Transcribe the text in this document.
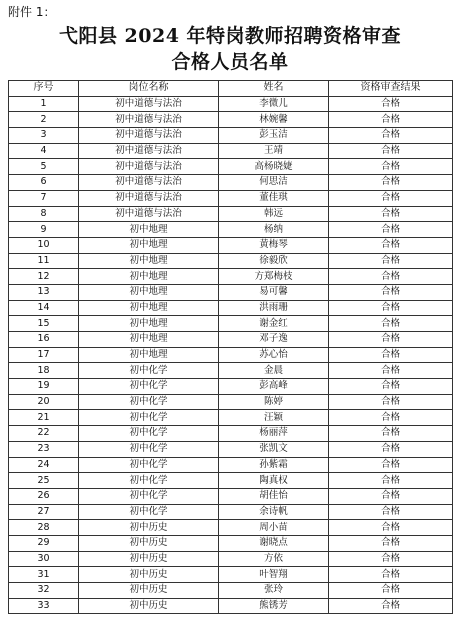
附件 1：
弋阳县 2024 年特岗教师招聘资格审查
合格人员名单
序号	岗位名称	姓名	资格审查结果
1	初中道德与法治	李微儿	合格
2	初中道德与法治	林婉馨	合格
3	初中道德与法治	彭玉洁	合格
4	初中道德与法治	王靖	合格
5	初中道德与法治	高杨晓婕	合格
6	初中道德与法治	何思洁	合格
7	初中道德与法治	董佳琪	合格
8	初中道德与法治	韩远	合格
9	初中地理	杨纳	合格
10	初中地理	黄梅琴	合格
11	初中地理	徐毅欣	合格
12	初中地理	方郑梅枝	合格
13	初中地理	易可馨	合格
14	初中地理	洪雨珊	合格
15	初中地理	谢金红	合格
16	初中地理	邓子逸	合格
17	初中地理	苏心怡	合格
18	初中化学	金晨	合格
19	初中化学	彭高峰	合格
20	初中化学	陈婷	合格
21	初中化学	汪颖	合格
22	初中化学	杨丽萍	合格
23	初中化学	张凯文	合格
24	初中化学	孙紫霜	合格
25	初中化学	陶真权	合格
26	初中化学	胡佳怡	合格
27	初中化学	余诗帆	合格
28	初中历史	周小苗	合格
29	初中历史	谢晓点	合格
30	初中历史	方依	合格
31	初中历史	叶智翔	合格
32	初中历史	张玲	合格
33	初中历史	熊锈芳	合格
